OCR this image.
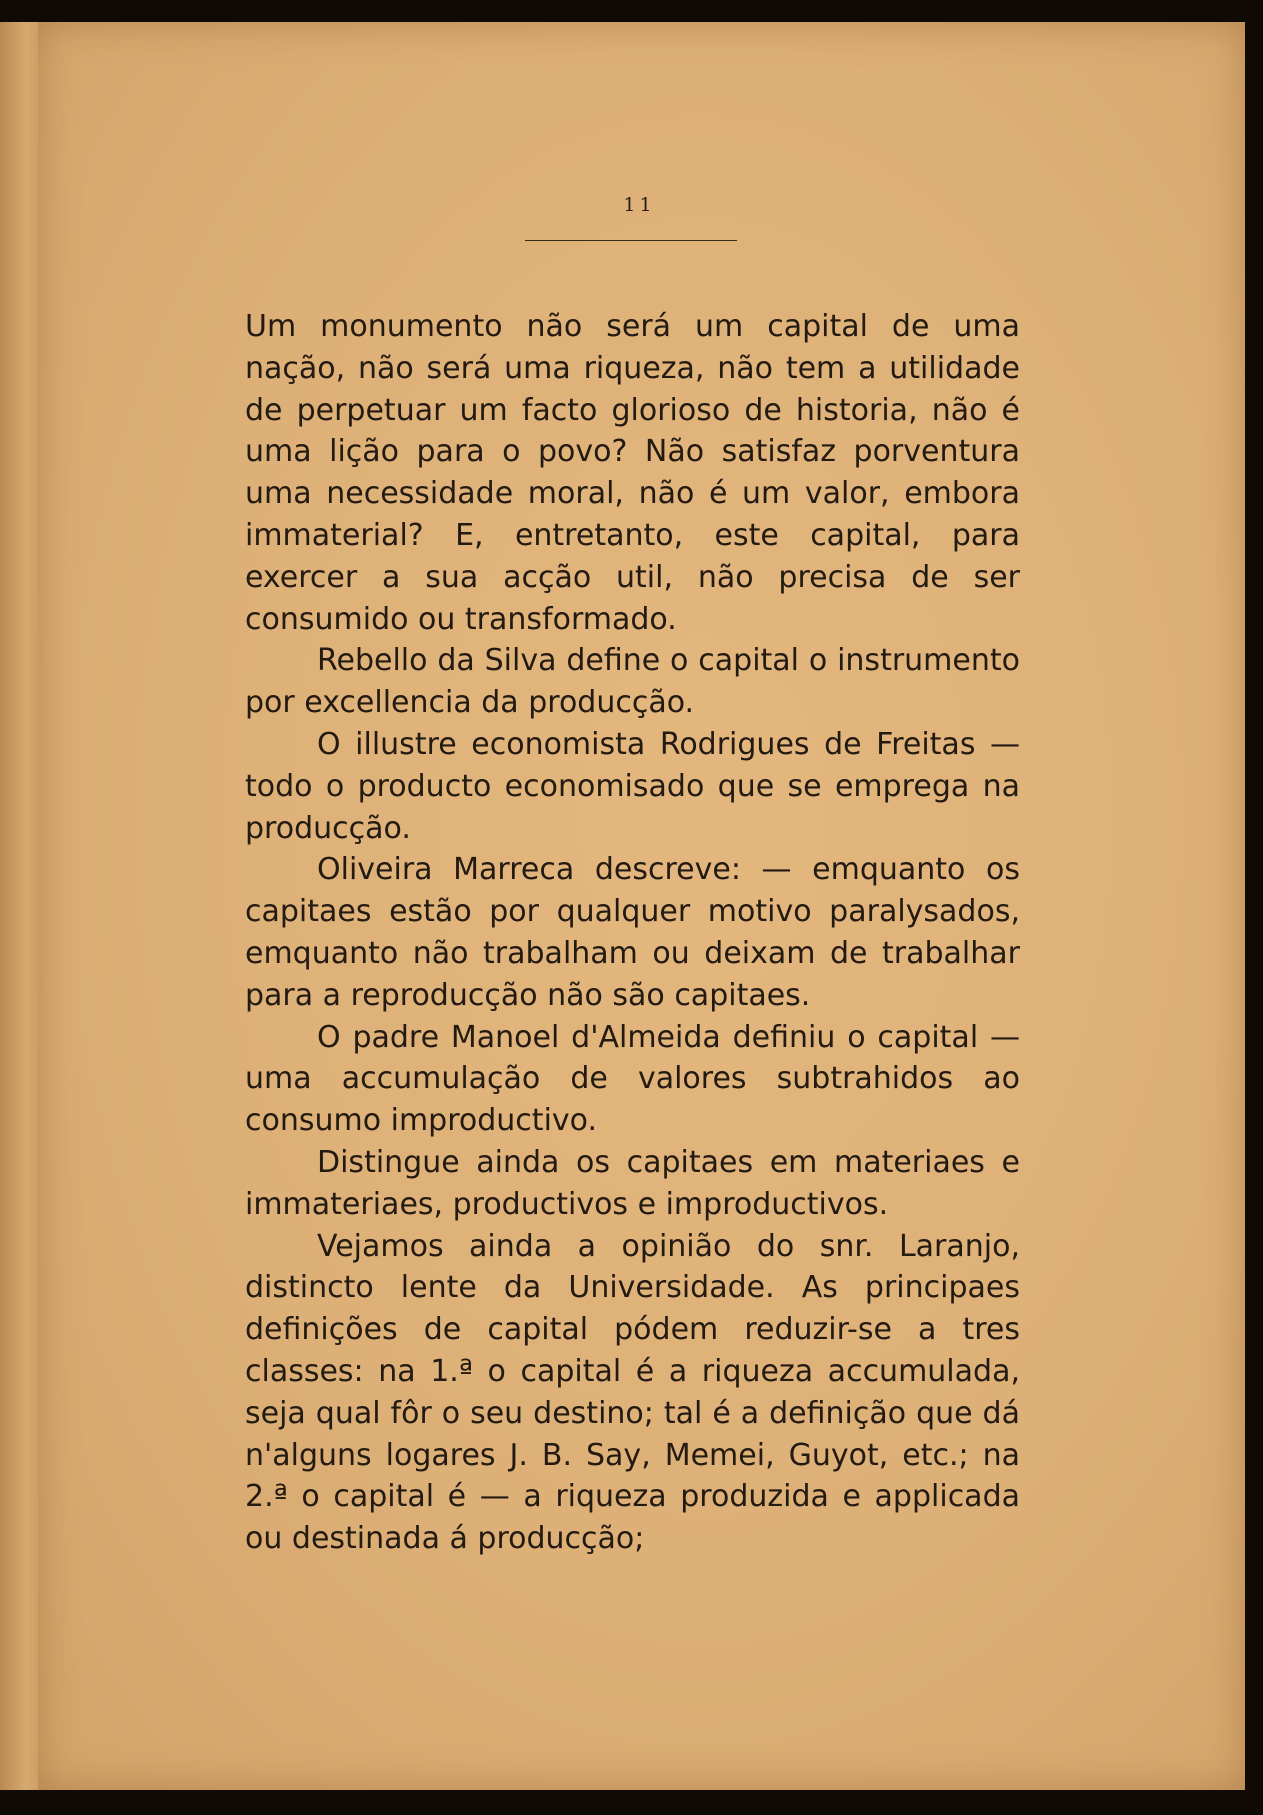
11

Um monumento não será um capital de uma nação, não será uma riqueza, não tem a utilidade de perpetuar um facto glorioso de historia, não é uma lição para o povo? Não satisfaz porventura uma necessidade moral, não é um valor, embora immaterial? E, entretanto, este capital, para exercer a sua acção util, não precisa de ser consumido ou transformado.

Rebello da Silva define o capital o instrumento por excellencia da producção.

O illustre economista Rodrigues de Freitas — todo o producto economisado que se emprega na producção.

Oliveira Marreca descreve: — emquanto os capitaes estão por qualquer motivo paralysados, emquanto não trabalham ou deixam de trabalhar para a reproducção não são capitaes.

O padre Manoel d'Almeida definiu o capital — uma accumulação de valores subtrahidos ao consumo improductivo.

Distingue ainda os capitaes em materiaes e immateriaes, productivos e improductivos.

Vejamos ainda a opinião do snr. Laranjo, distincto lente da Universidade. As principaes definições de capital pódem reduzir-se a tres classes: na 1.ª o capital é a riqueza accumulada, seja qual fôr o seu destino; tal é a definição que dá n'alguns logares J. B. Say, Memei, Guyot, etc.; na 2.ª o capital é — a riqueza produzida e applicada ou destinada á producção;
